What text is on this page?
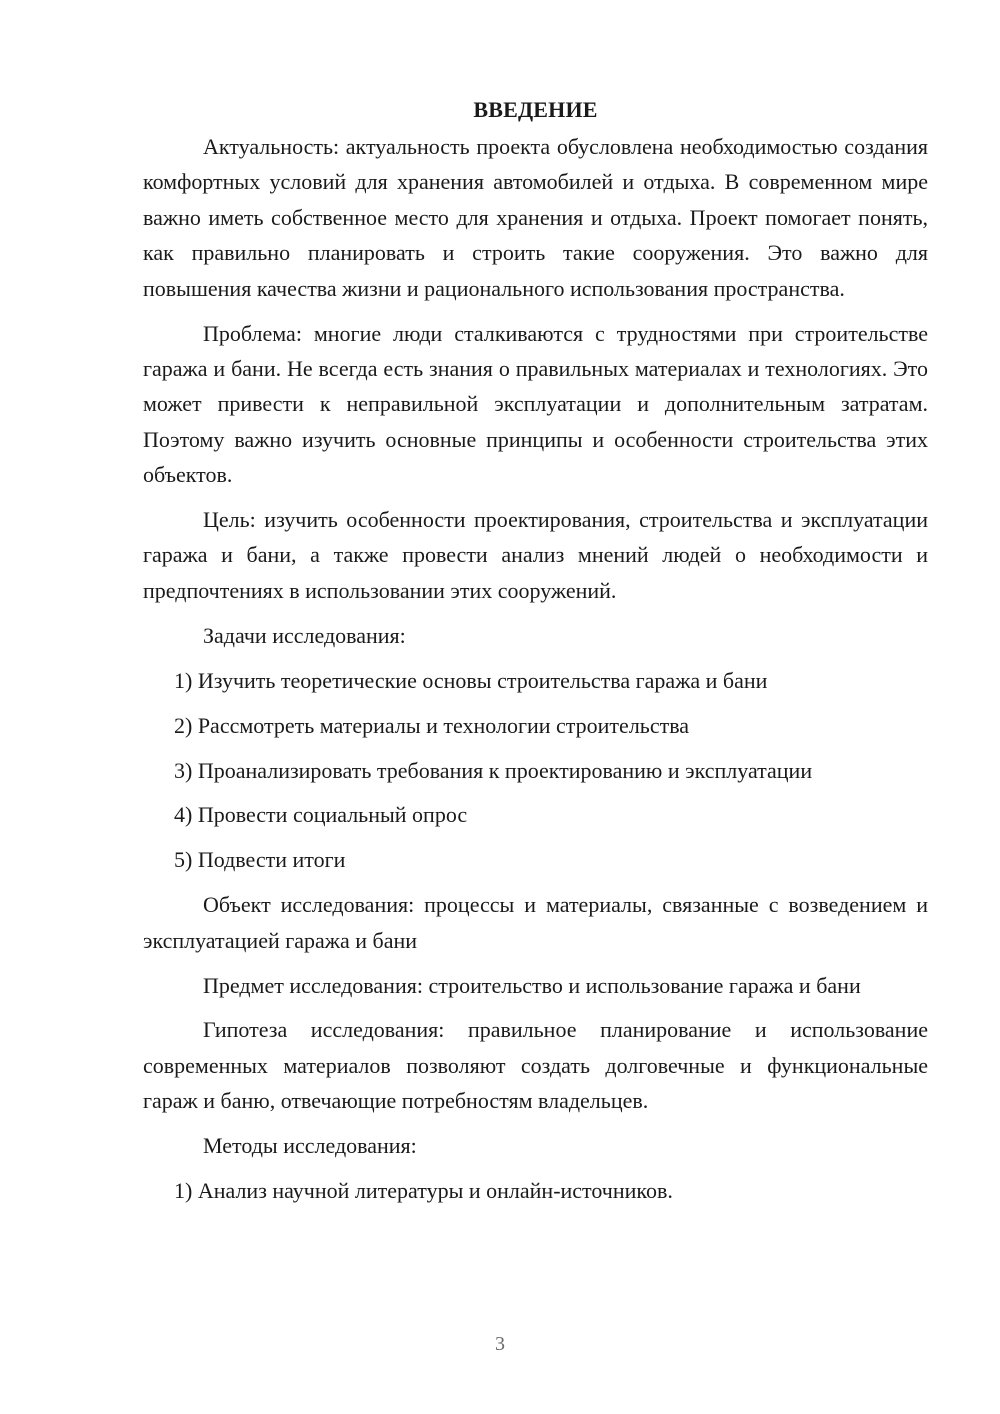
ВВЕДЕНИЕ

Актуальность: актуальность проекта обусловлена необходимостью создания комфортных условий для хранения автомобилей и отдыха. В современном мире важно иметь собственное место для хранения и отдыха. Проект помогает понять, как правильно планировать и строить такие сооружения. Это важно для повышения качества жизни и рационального использования пространства.

Проблема: многие люди сталкиваются с трудностями при строительстве гаража и бани. Не всегда есть знания о правильных материалах и технологиях. Это может привести к неправильной эксплуатации и дополнительным затратам. Поэтому важно изучить основные принципы и особенности строительства этих объектов.

Цель: изучить особенности проектирования, строительства и эксплуатации гаража и бани, а также провести анализ мнений людей о необходимости и предпочтениях в использовании этих сооружений.

Задачи исследования:

1) Изучить теоретические основы строительства гаража и бани
2) Рассмотреть материалы и технологии строительства
3) Проанализировать требования к проектированию и эксплуатации
4) Провести социальный опрос
5) Подвести итоги

Объект исследования: процессы и материалы, связанные с возведением и эксплуатацией гаража и бани

Предмет исследования: строительство и использование гаража и бани

Гипотеза исследования: правильное планирование и использование современных материалов позволяют создать долговечные и функциональные гараж и баню, отвечающие потребностям владельцев.

Методы исследования:

1) Анализ научной литературы и онлайн-источников.
3
